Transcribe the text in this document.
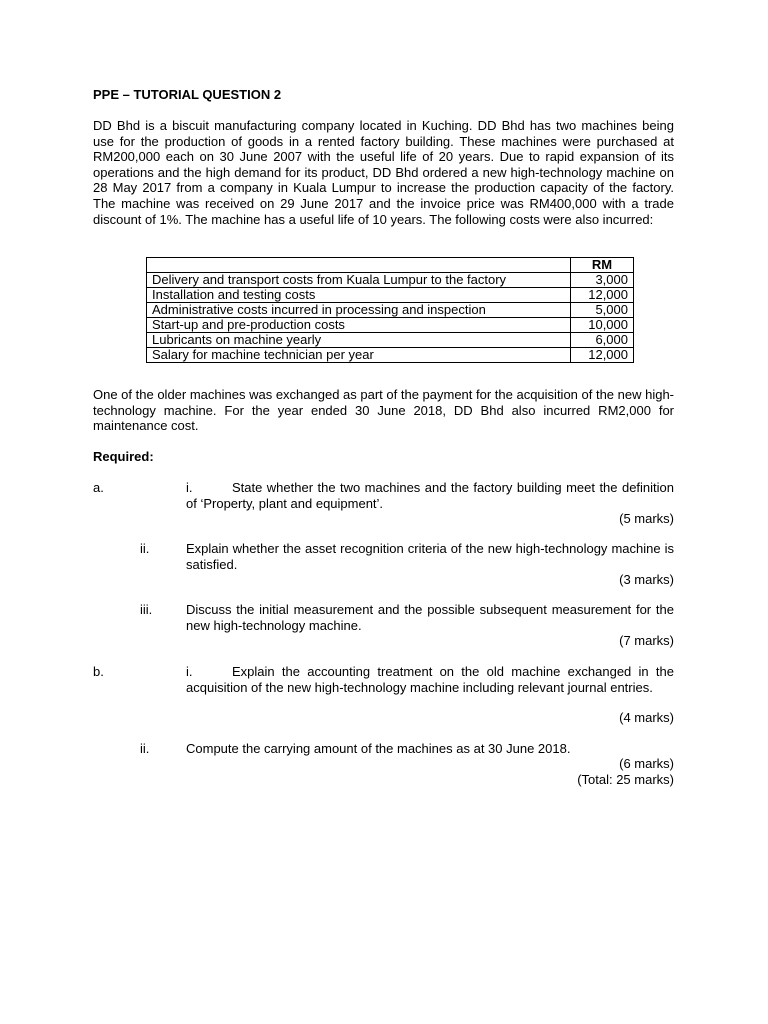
PPE – TUTORIAL QUESTION 2
DD Bhd is a biscuit manufacturing company located in Kuching. DD Bhd has two machines being use for the production of goods in a rented factory building. These machines were purchased at RM200,000 each on 30 June 2007 with the useful life of 20 years. Due to rapid expansion of its operations and the high demand for its product, DD Bhd ordered a new high-technology machine on 28 May 2017 from a company in Kuala Lumpur to increase the production capacity of the factory. The machine was received on 29 June 2017 and the invoice price was RM400,000 with a trade discount of 1%. The machine has a useful life of 10 years. The following costs were also incurred:
	RM
Delivery and transport costs from Kuala Lumpur to the factory	3,000
Installation and testing costs	12,000
Administrative costs incurred in processing and inspection	5,000
Start-up and pre-production costs	10,000
Lubricants on machine yearly	6,000
Salary for machine technician per year	12,000
One of the older machines was exchanged as part of the payment for the acquisition of the new high-technology machine. For the year ended 30 June 2018, DD Bhd also incurred RM2,000 for maintenance cost.
Required:
a.	i.	State whether the two machines and the factory building meet the definition of ‘Property, plant and equipment’.
(5 marks)
ii.	Explain whether the asset recognition criteria of the new high-technology machine is satisfied.
(3 marks)
iii.	Discuss the initial measurement and the possible subsequent measurement for the new high-technology machine.
(7 marks)
b.	i.	Explain the accounting treatment on the old machine exchanged in the acquisition of the new high-technology machine including relevant journal entries.
(4 marks)
ii.	Compute the carrying amount of the machines as at 30 June 2018.
(6 marks)
(Total: 25 marks)
